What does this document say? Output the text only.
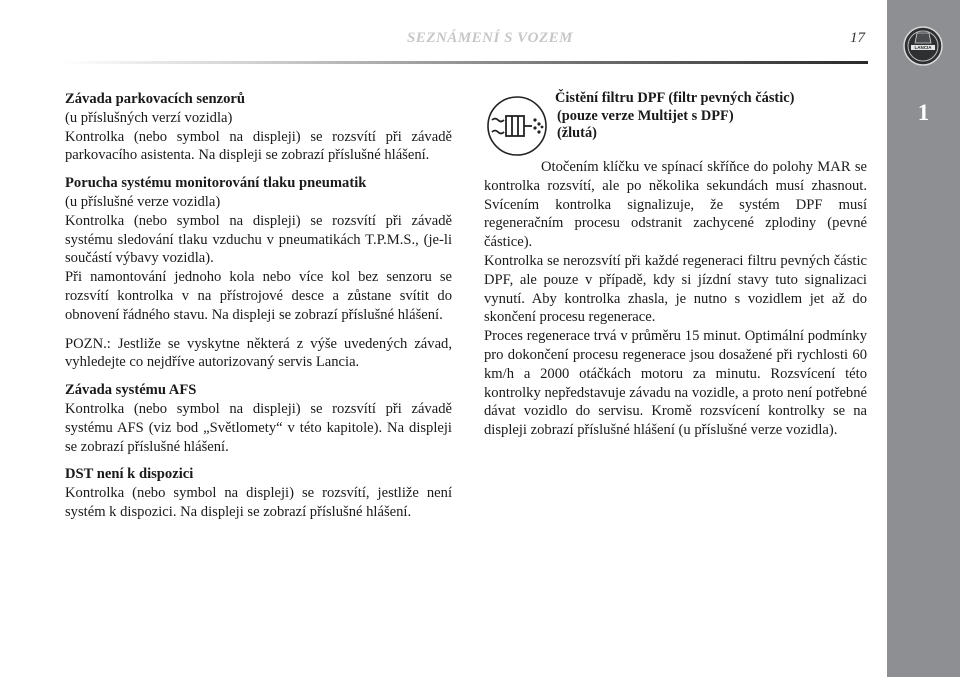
SEZNÁMENÍ S VOZEM	17
LANCIA
1
Závada parkovacích senzorů

(u příslušných verzí vozidla)

Kontrolka (nebo symbol na displeji) se rozsvítí při závadě parkovacího asistenta. Na displeji se zobrazí příslušné hlášení.

Porucha systému monitorování tlaku pneumatik

(u příslušné verze vozidla)

Kontrolka (nebo symbol na displeji) se rozsvítí při závadě systému sledování tlaku vzduchu v pneumatikách T.P.M.S., (je-li součástí výbavy vozidla).

Při namontování jednoho kola nebo více kol bez senzoru se rozsvítí kontrolka v na přístrojové desce a zůstane svítit do obnovení řádného stavu. Na displeji se zobrazí příslušné hlášení.

POZN.: Jestliže se vyskytne některá z výše uvedených závad, vyhledejte co nejdříve autorizovaný servis Lancia.

Závada systému AFS

Kontrolka (nebo symbol na displeji) se rozsvítí při závadě systému AFS (viz bod „Světlomety“ v této kapitole). Na displeji se zobrazí příslušné hlášení.

DST není k dispozici

Kontrolka (nebo symbol na displeji) se rozsvítí, jestliže není systém k dispozici. Na displeji se zobrazí příslušné hlášení.

Čistění filtru DPF (filtr pevných částic)
(pouze verze Multijet s DPF)
(žlutá)

Otočením klíčku ve spínací skříňce do polohy MAR se kontrolka rozsvítí, ale po několika sekundách musí zhasnout. Svícením kontrolka signalizuje, že systém DPF musí regeneračním procesu odstranit zachycené zplodiny (pevné částice).

Kontrolka se nerozsvítí při každé regeneraci filtru pevných částic DPF, ale pouze v případě, kdy si jízdní stavy tuto signalizaci vynutí. Aby kontrolka zhasla, je nutno s vozidlem jet až do skončení procesu regenerace.

Proces regenerace trvá v průměru 15 minut. Optimální podmínky pro dokončení procesu regenerace jsou dosažené při rychlosti 60 km/h a 2000 otáčkách motoru za minutu. Rozsvícení této kontrolky nepředstavuje závadu na vozidle, a proto není potřebné dávat vozidlo do servisu. Kromě rozsvícení kontrolky se na displeji zobrazí příslušné hlášení (u příslušné verze vozidla).
